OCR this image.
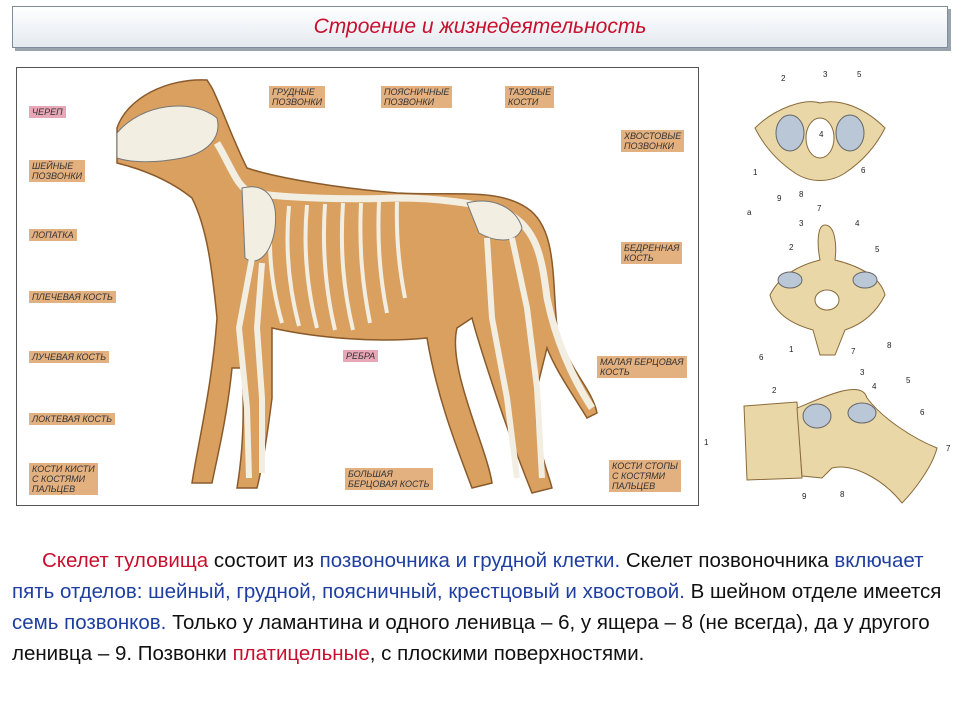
Строение и жизнедеятельность
ЧЕРЕП
ШЕЙНЫЕ
ПОЗВОНКИ
ЛОПАТКА
ПЛЕЧЕВАЯ КОСТЬ
ЛУЧЕВАЯ КОСТЬ
ЛОКТЕВАЯ КОСТЬ
КОСТИ КИСТИ
С КОСТЯМИ
ПАЛЬЦЕВ
ГРУДНЫЕ
ПОЗВОНКИ
ПОЯСНИЧНЫЕ
ПОЗВОНКИ
ТАЗОВЫЕ
КОСТИ
ХВОСТОВЫЕ
ПОЗВОНКИ
БЕДРЕННАЯ
КОСТЬ
МАЛАЯ БЕРЦОВАЯ
КОСТЬ
КОСТИ СТОПЫ
С КОСТЯМИ
ПАЛЬЦЕВ
РЕБРА
БОЛЬШАЯ
БЕРЦОВАЯ КОСТЬ
2	3	5
4
1
9 8
7
6
а
3	4
2	5
6
1	7
8
3
2	4
5
6
1
7
9	8
Скелет туловища состоит из позвоночника и грудной клетки. Скелет позвоночника включает пять отделов: шейный, грудной, поясничный, крестцовый и хвостовой. В шейном отделе имеется семь позвонков. Только у ламантина и одного ленивца – 6, у ящера – 8 (не всегда), да у другого ленивца – 9. Позвонки платицельные, с плоскими поверхностями.
